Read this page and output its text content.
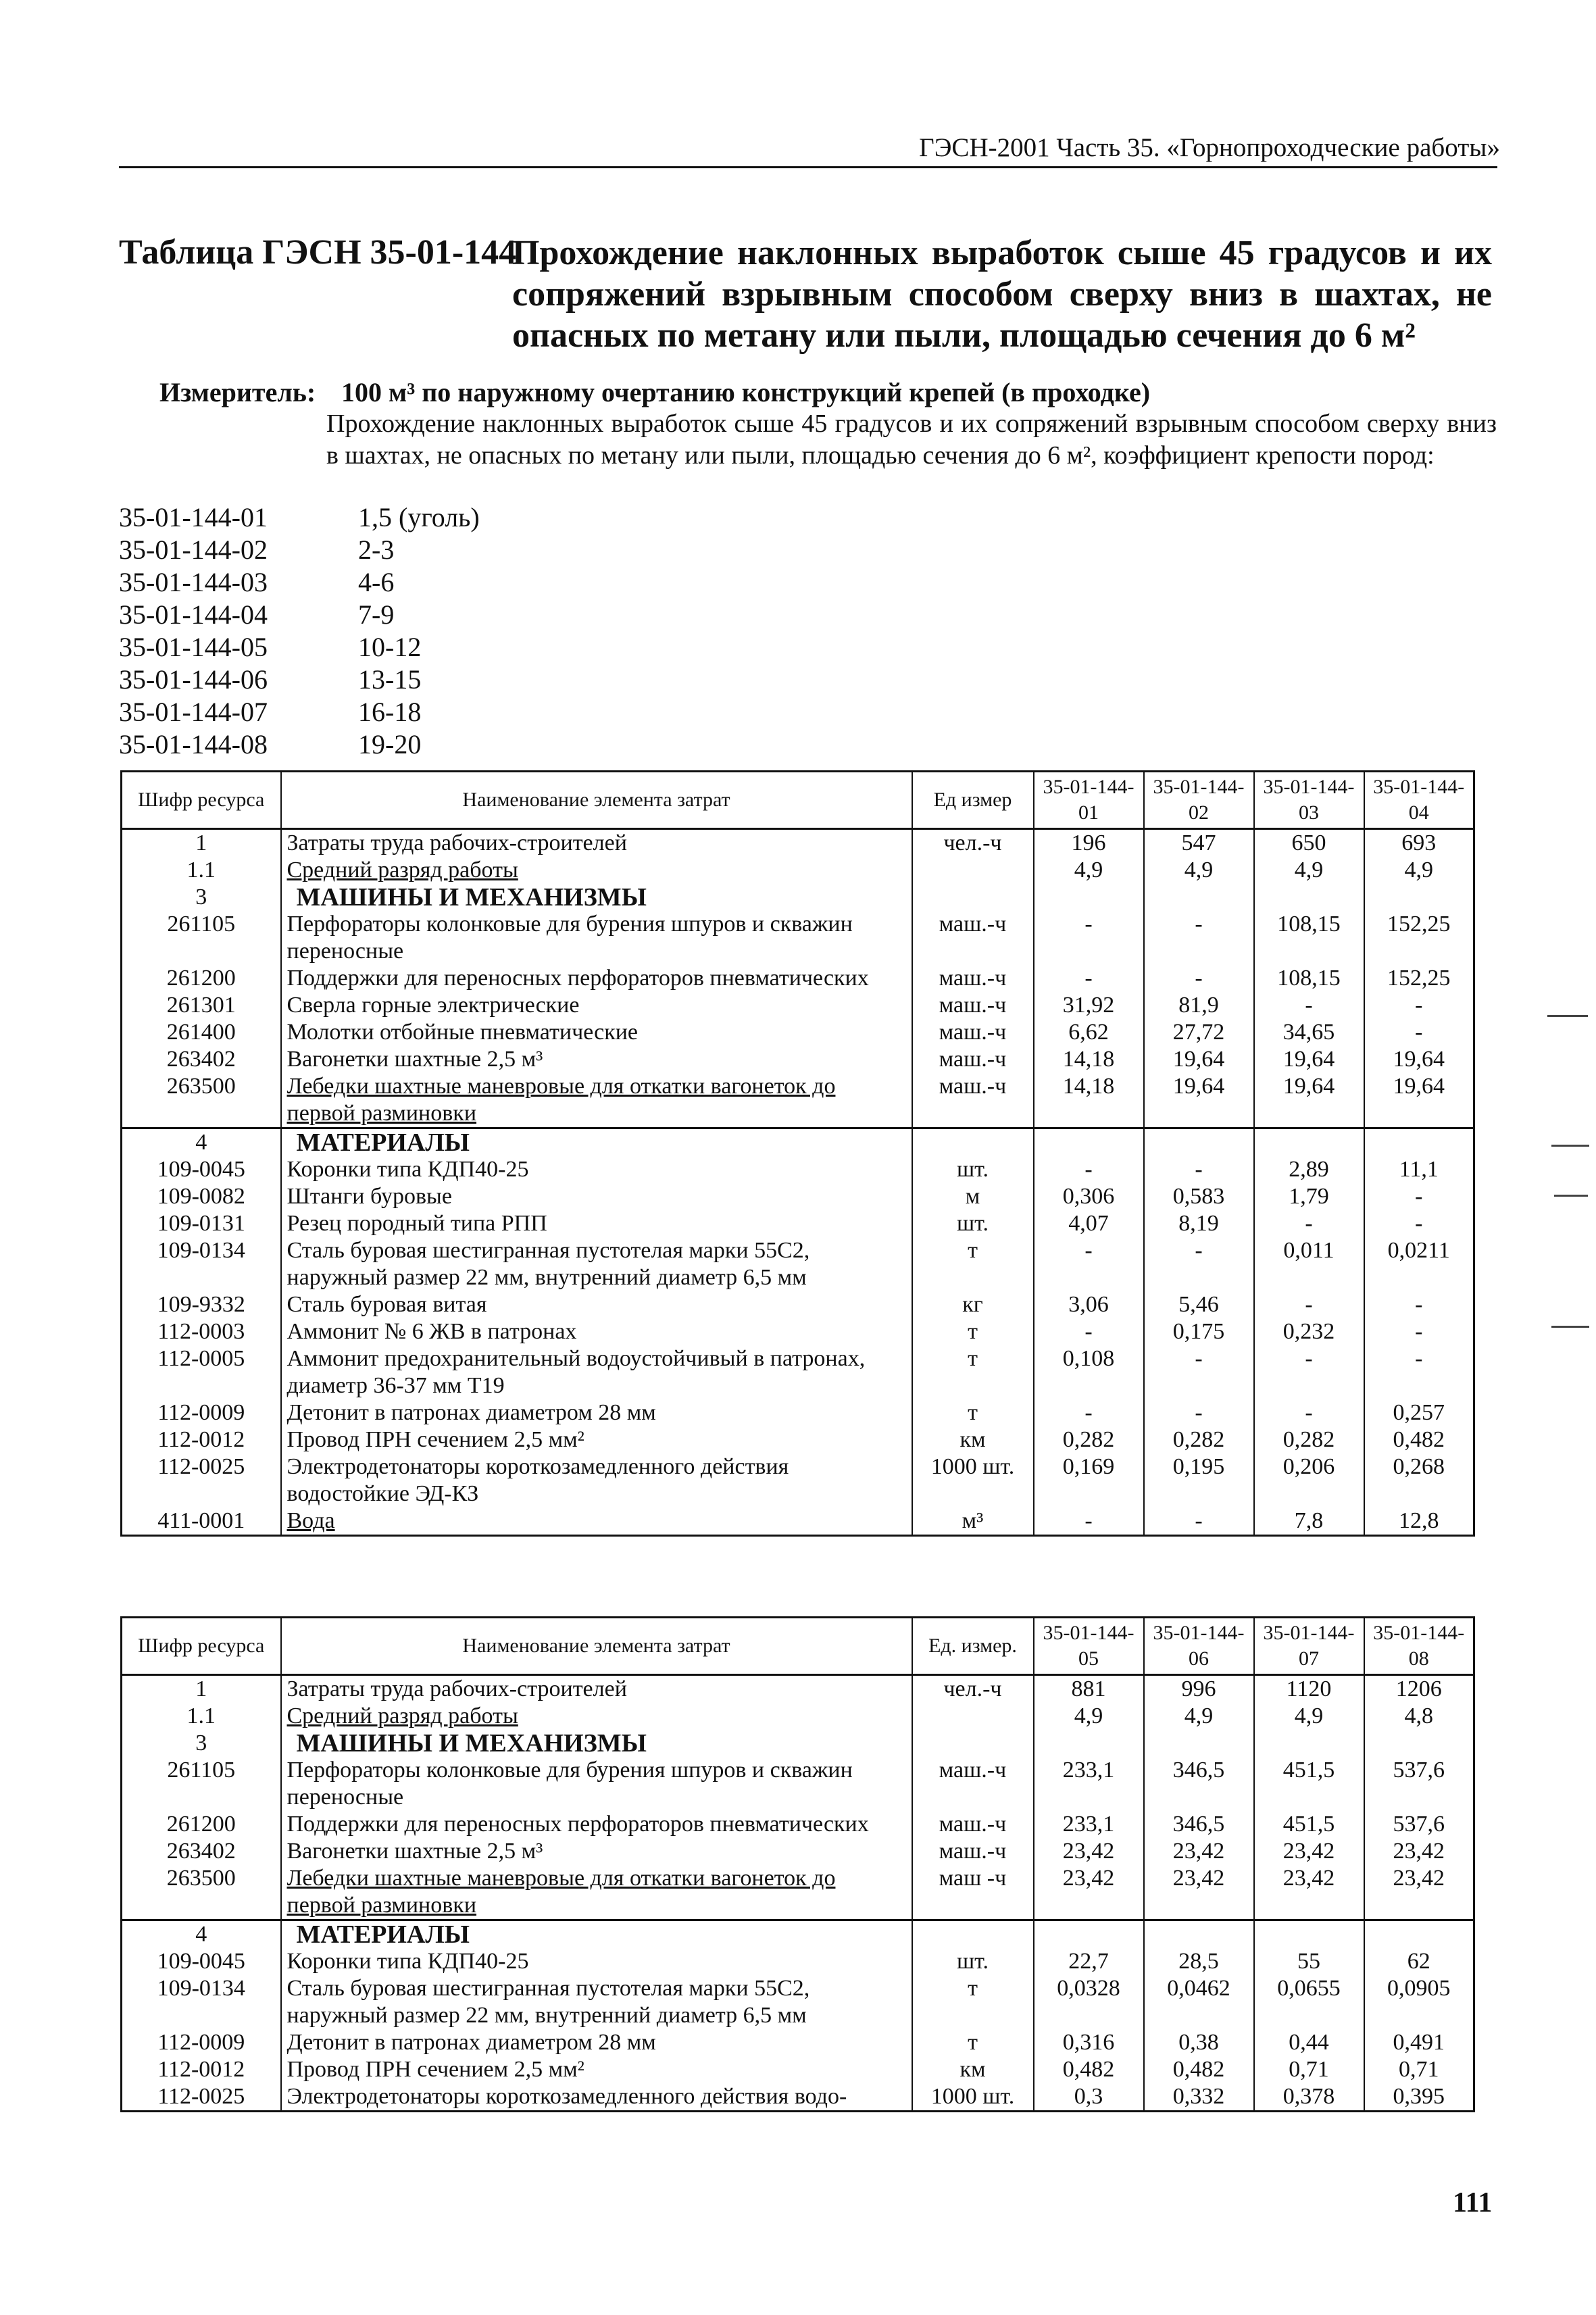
ГЭСН-2001 Часть 35. «Горнопроходческие работы»
Таблица ГЭСН 35-01-144
Прохождение наклонных выработок сыше 45 градусов и их сопряжений взрывным способом сверху вниз в шахтах, не опасных по метану или пыли, площадью сечения до 6 м²
Измеритель: 100 м³ по наружному очертанию конструкций крепей (в проходке)
Прохождение наклонных выработок сыше 45 градусов и их сопряжений взрывным способом сверху вниз в шахтах, не опасных по метану или пыли, площадью сечения до 6 м², коэффициент крепости пород:
35-01-144-01	1,5 (уголь)
35-01-144-02	2-3
35-01-144-03	4-6
35-01-144-04	7-9
35-01-144-05	10-12
35-01-144-06	13-15
35-01-144-07	16-18
35-01-144-08	19-20
Шифр ресурса	Наименование элемента затрат	Ед измер	35-01-144-01	35-01-144-02	35-01-144-03	35-01-144-04
1	Затраты труда рабочих-строителей	чел.-ч	196	547	650	693
1.1	Средний разряд работы		4,9	4,9	4,9	4,9
3	МАШИНЫ И МЕХАНИЗМЫ					
261105	Перфораторы колонковые для бурения шпуров и скважин переносные	маш.-ч	-	-	108,15	152,25
261200	Поддержки для переносных перфораторов пневматических	маш.-ч	-	-	108,15	152,25
261301	Сверла горные электрические	маш.-ч	31,92	81,9	-	-
261400	Молотки отбойные пневматические	маш.-ч	6,62	27,72	34,65	-
263402	Вагонетки шахтные 2,5 м³	маш.-ч	14,18	19,64	19,64	19,64
263500	Лебедки шахтные маневровые для откатки вагонеток до первой разминовки	маш.-ч	14,18	19,64	19,64	19,64
4	МАТЕРИАЛЫ					
109-0045	Коронки типа КДП40-25	шт.	-	-	2,89	11,1
109-0082	Штанги буровые	м	0,306	0,583	1,79	-
109-0131	Резец породный типа РПП	шт.	4,07	8,19	-	-
109-0134	Сталь буровая шестигранная пустотелая марки 55С2, наружный размер 22 мм, внутренний диаметр 6,5 мм	т	-	-	0,011	0,0211
109-9332	Сталь буровая витая	кг	3,06	5,46	-	-
112-0003	Аммонит № 6 ЖВ в патронах	т	-	0,175	0,232	-
112-0005	Аммонит предохранительный водоустойчивый в патронах, диаметр 36-37 мм Т19	т	0,108	-	-	-
112-0009	Детонит в патронах диаметром 28 мм	т	-	-	-	0,257
112-0012	Провод ПРН сечением 2,5 мм²	км	0,282	0,282	0,282	0,482
112-0025	Электродетонаторы короткозамедленного действия водостойкие ЭД-КЗ	1000 шт.	0,169	0,195	0,206	0,268
411-0001	Вода	м³	-	-	7,8	12,8
Шифр ресурса	Наименование элемента затрат	Ед. измер.	35-01-144-05	35-01-144-06	35-01-144-07	35-01-144-08
1	Затраты труда рабочих-строителей	чел.-ч	881	996	1120	1206
1.1	Средний разряд работы		4,9	4,9	4,9	4,8
3	МАШИНЫ И МЕХАНИЗМЫ					
261105	Перфораторы колонковые для бурения шпуров и скважин переносные	маш.-ч	233,1	346,5	451,5	537,6
261200	Поддержки для переносных перфораторов пневматических	маш.-ч	233,1	346,5	451,5	537,6
263402	Вагонетки шахтные 2,5 м³	маш.-ч	23,42	23,42	23,42	23,42
263500	Лебедки шахтные маневровые для откатки вагонеток до первой разминовки	маш -ч	23,42	23,42	23,42	23,42
4	МАТЕРИАЛЫ					
109-0045	Коронки типа КДП40-25	шт.	22,7	28,5	55	62
109-0134	Сталь буровая шестигранная пустотелая марки 55С2, наружный размер 22 мм, внутренний диаметр 6,5 мм	т	0,0328	0,0462	0,0655	0,0905
112-0009	Детонит в патронах диаметром 28 мм	т	0,316	0,38	0,44	0,491
112-0012	Провод ПРН сечением 2,5 мм²	км	0,482	0,482	0,71	0,71
112-0025	Электродетонаторы короткозамедленного действия водо-	1000 шт.	0,3	0,332	0,378	0,395
111
